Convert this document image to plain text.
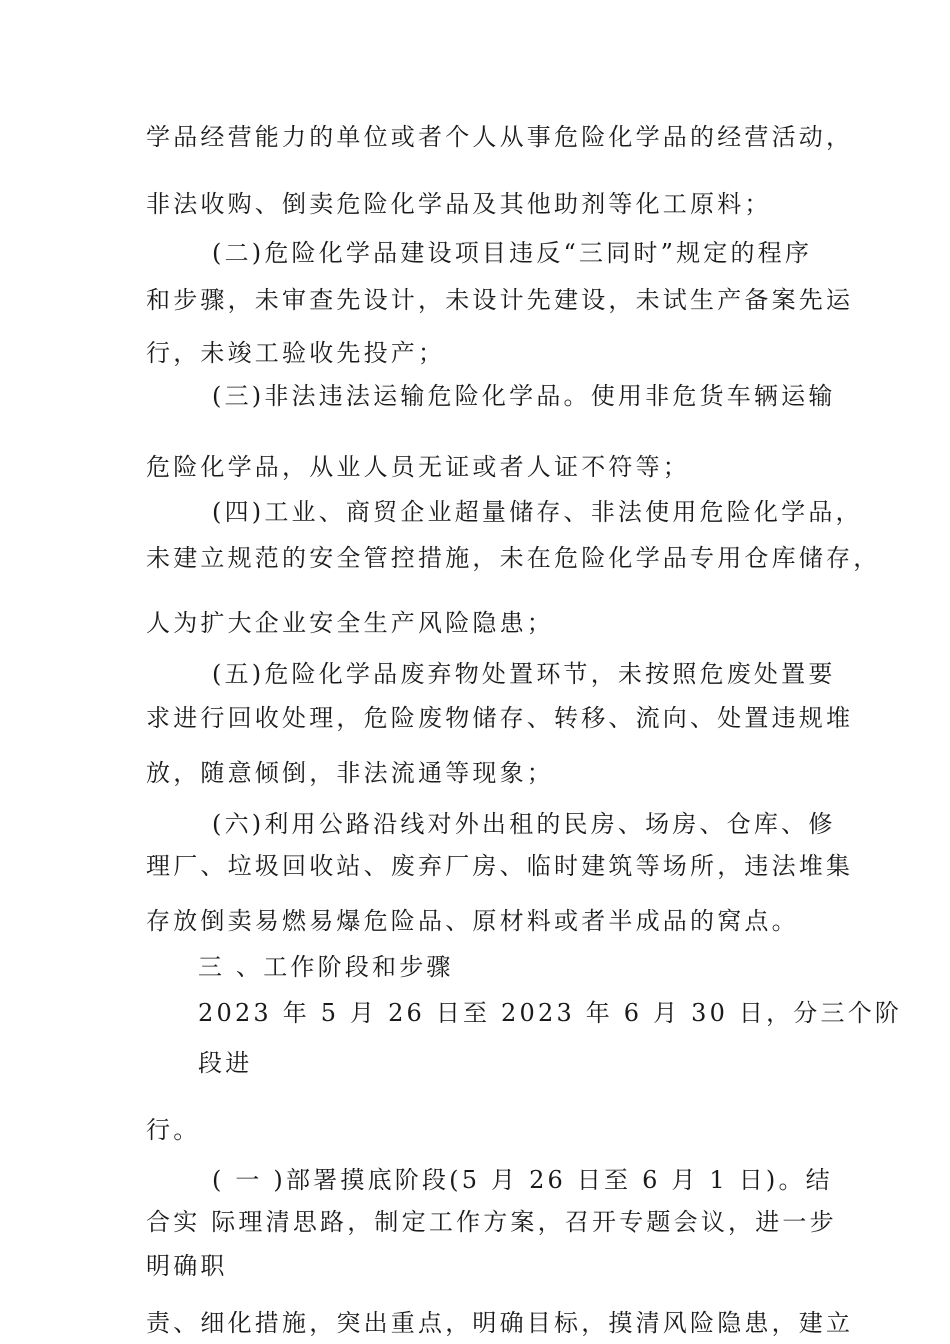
学品经营能力的单位或者个人从事危险化学品的经营活动，
非法收购、倒卖危险化学品及其他助剂等化工原料；
(二)危险化学品建设项目违反“三同时”规定的程序
和步骤，未审查先设计，未设计先建设，未试生产备案先运
行，未竣工验收先投产；
(三)非法违法运输危险化学品。使用非危货车辆运输
危险化学品，从业人员无证或者人证不符等；
(四)工业、商贸企业超量储存、非法使用危险化学品，
未建立规范的安全管控措施，未在危险化学品专用仓库储存，
人为扩大企业安全生产风险隐患；
(五)危险化学品废弃物处置环节，未按照危废处置要
求进行回收处理，危险废物储存、转移、流向、处置违规堆
放，随意倾倒，非法流通等现象；
(六)利用公路沿线对外出租的民房、场房、仓库、修
理厂、垃圾回收站、废弃厂房、临时建筑等场所，违法堆集
存放倒卖易燃易爆危险品、原材料或者半成品的窝点。
三 、工作阶段和步骤
2023 年 5 月 26 日至 2023 年 6 月 30 日，分三个阶
段进
行。
( 一 )部署摸底阶段(5 月 26 日至 6 月 1 日)。结
合实 际理清思路，制定工作方案，召开专题会议，进一步
明确职
责、细化措施，突出重点，明确目标，摸清风险隐患，建立
